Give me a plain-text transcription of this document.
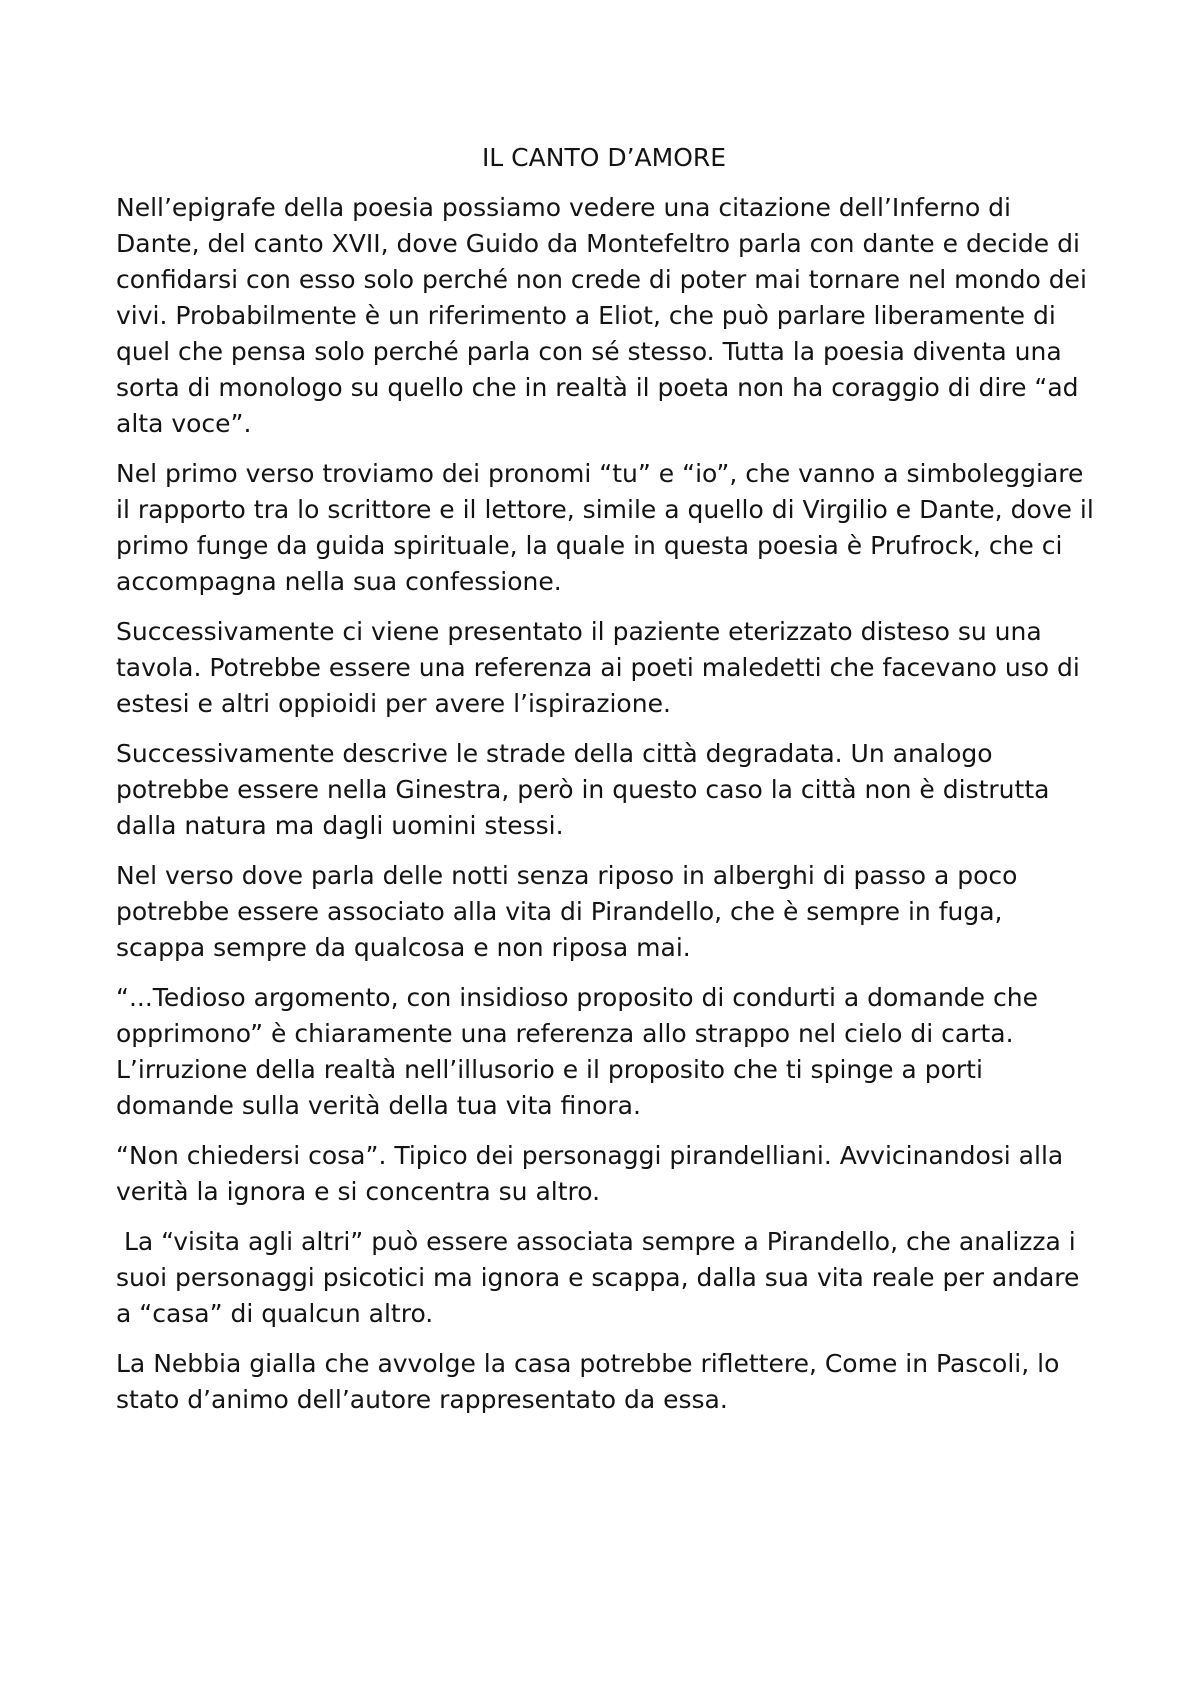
IL CANTO D’AMORE

Nell’epigrafe della poesia possiamo vedere una citazione dell’Inferno di Dante, del canto XVII, dove Guido da Montefeltro parla con dante e decide di confidarsi con esso solo perché non crede di poter mai tornare nel mondo dei vivi. Probabilmente è un riferimento a Eliot, che può parlare liberamente di quel che pensa solo perché parla con sé stesso. Tutta la poesia diventa una sorta di monologo su quello che in realtà il poeta non ha coraggio di dire “ad alta voce”.

Nel primo verso troviamo dei pronomi “tu” e “io”, che vanno a simboleggiare il rapporto tra lo scrittore e il lettore, simile a quello di Virgilio e Dante, dove il primo funge da guida spirituale, la quale in questa poesia è Prufrock, che ci accompagna nella sua confessione.

Successivamente ci viene presentato il paziente eterizzato disteso su una tavola. Potrebbe essere una referenza ai poeti maledetti che facevano uso di estesi e altri oppioidi per avere l’ispirazione.

Successivamente descrive le strade della città degradata. Un analogo potrebbe essere nella Ginestra, però in questo caso la città non è distrutta dalla natura ma dagli uomini stessi.

Nel verso dove parla delle notti senza riposo in alberghi di passo a poco potrebbe essere associato alla vita di Pirandello, che è sempre in fuga, scappa sempre da qualcosa e non riposa mai.

“...Tedioso argomento, con insidioso proposito di condurti a domande che opprimono” è chiaramente una referenza allo strappo nel cielo di carta. L’irruzione della realtà nell’illusorio e il proposito che ti spinge a porti domande sulla verità della tua vita finora.

“Non chiedersi cosa”. Tipico dei personaggi pirandelliani. Avvicinandosi alla verità la ignora e si concentra su altro.

La “visita agli altri” può essere associata sempre a Pirandello, che analizza i suoi personaggi psicotici ma ignora e scappa, dalla sua vita reale per andare a “casa” di qualcun altro.

La Nebbia gialla che avvolge la casa potrebbe riflettere, Come in Pascoli, lo stato d’animo dell’autore rappresentato da essa.
